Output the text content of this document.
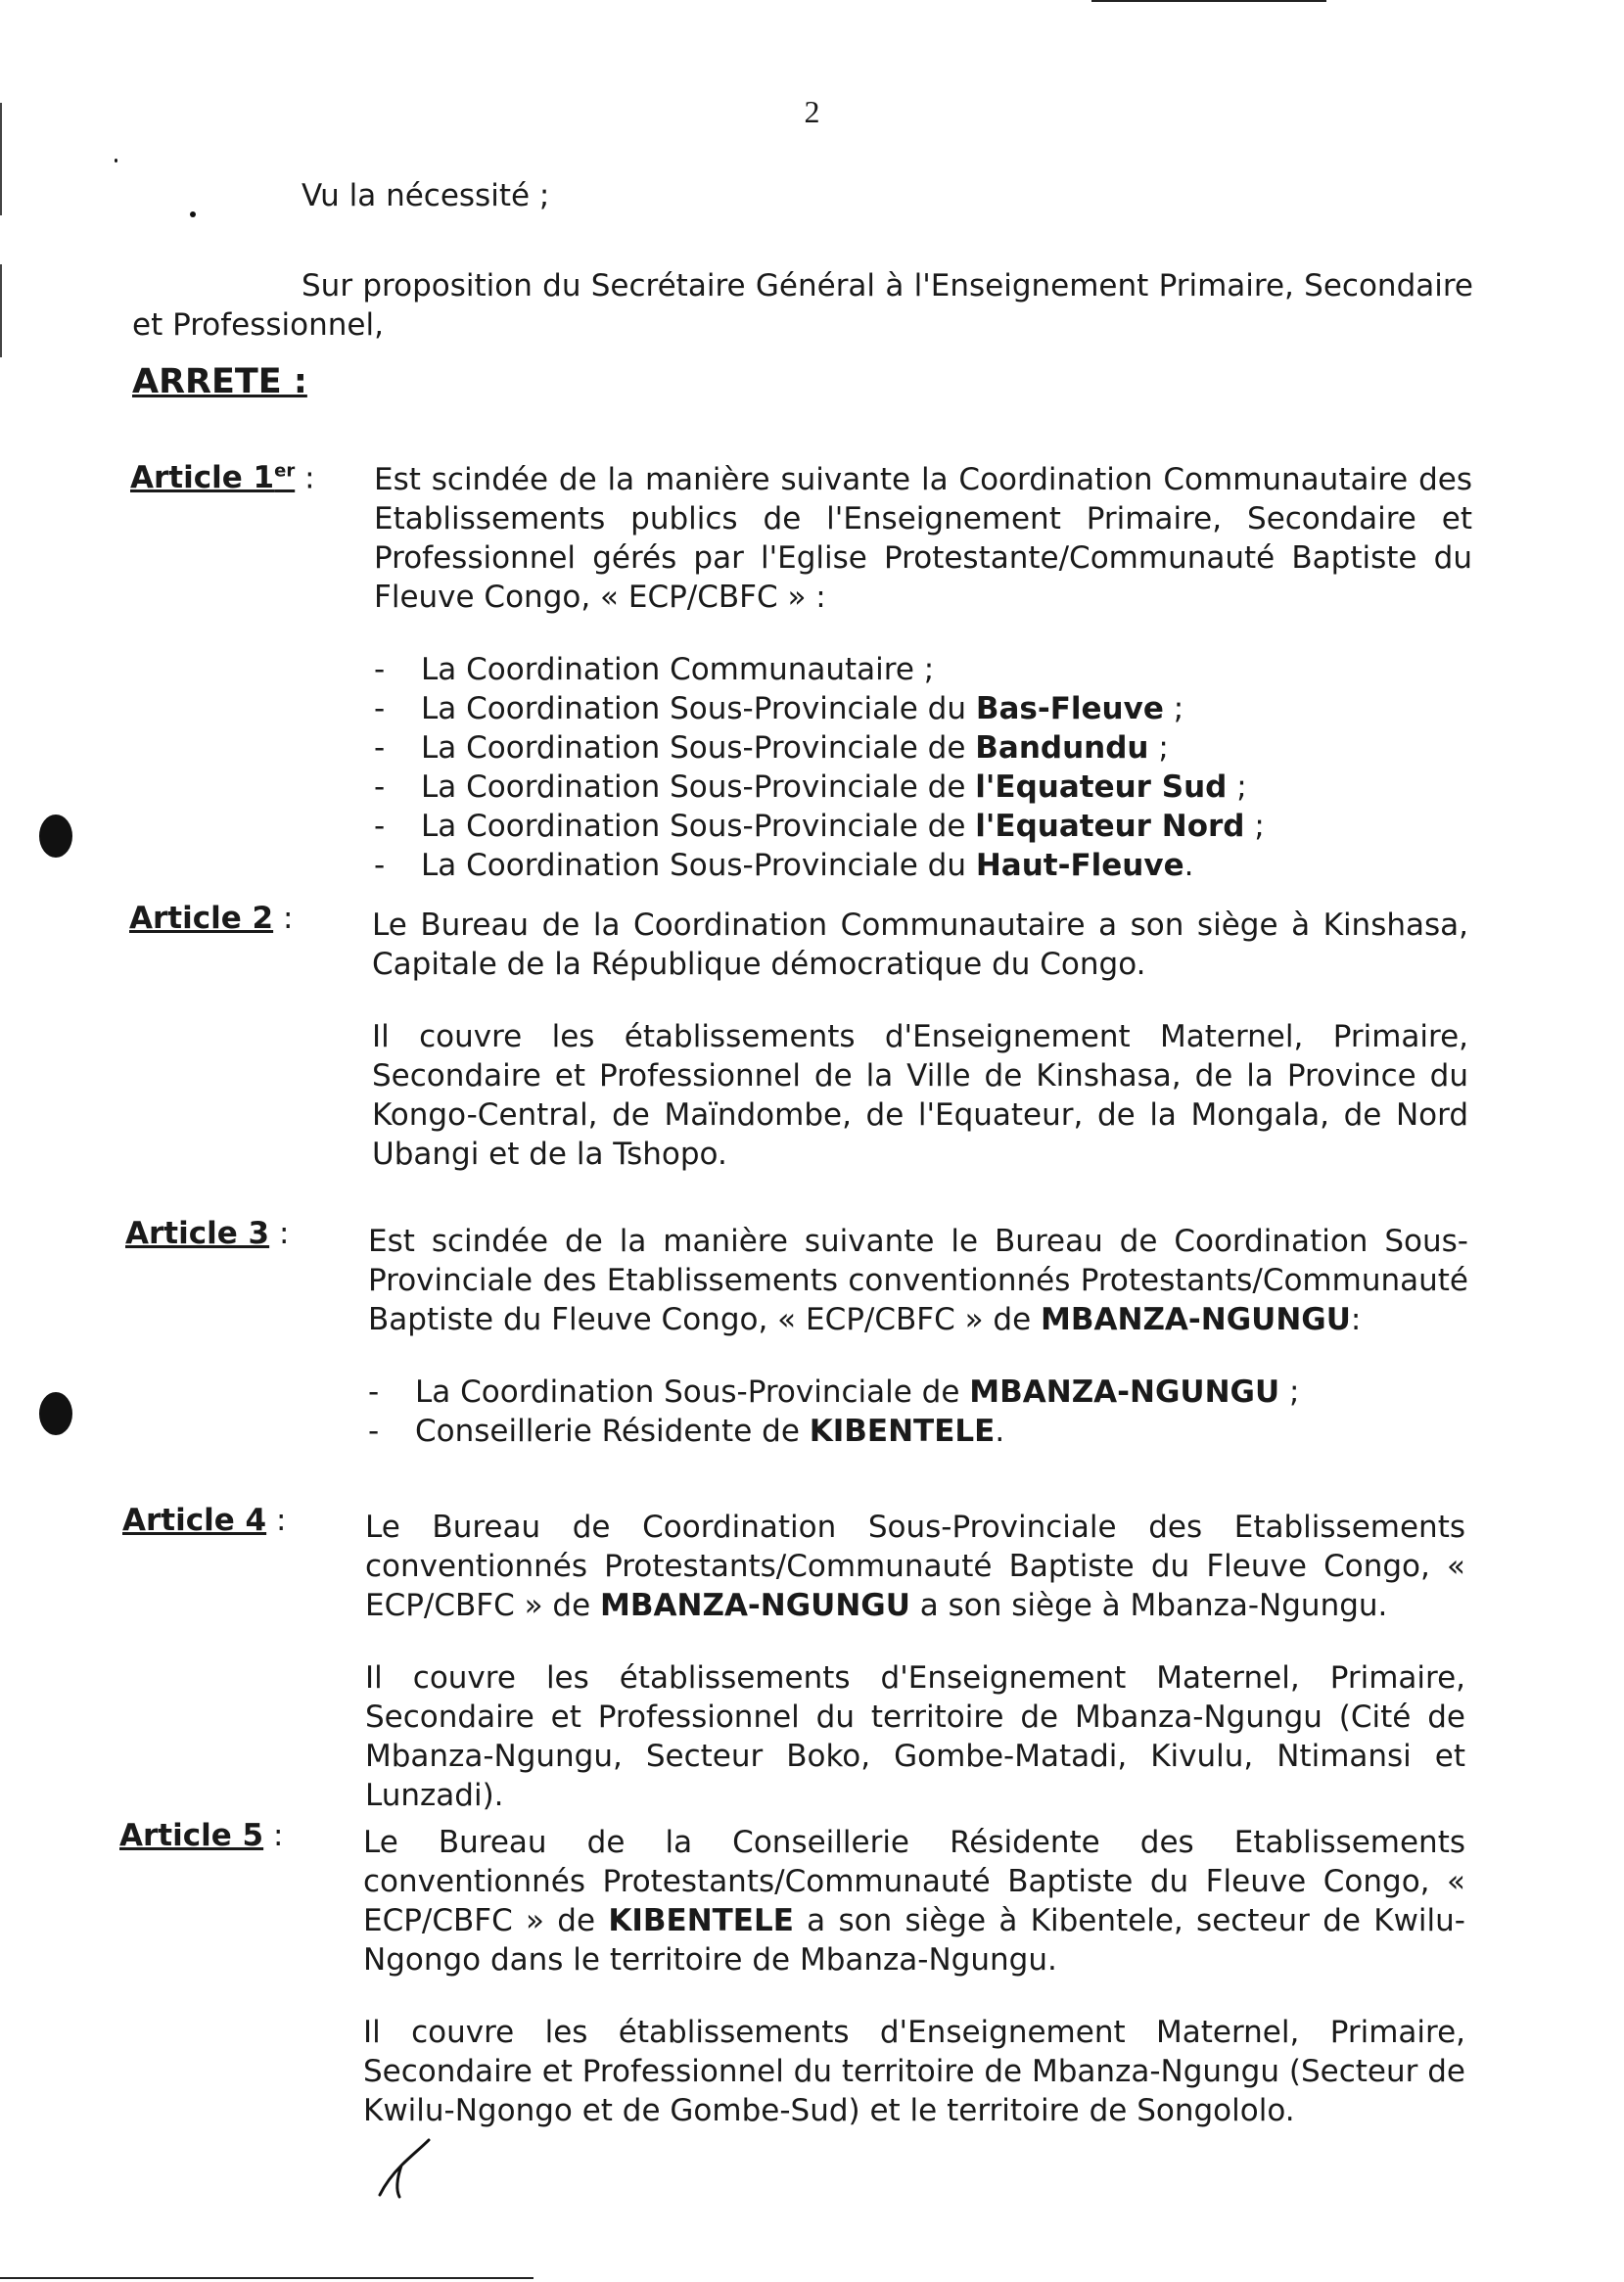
2
Vu la nécessité ;
Sur proposition du Secrétaire Général à l'Enseignement Primaire, Secondaire et Professionnel,
ARRETE :
Article 1er : Est scindée de la manière suivante la Coordination Communautaire des Etablissements publics de l'Enseignement Primaire, Secondaire et Professionnel gérés par l'Eglise Protestante/Communauté Baptiste du Fleuve Congo, « ECP/CBFC » :

- La Coordination Communautaire ;
- La Coordination Sous-Provinciale du Bas-Fleuve ;
- La Coordination Sous-Provinciale de Bandundu ;
- La Coordination Sous-Provinciale de l'Equateur Sud ;
- La Coordination Sous-Provinciale de l'Equateur Nord ;
- La Coordination Sous-Provinciale du Haut-Fleuve.
Article 2 :	Le Bureau de la Coordination Communautaire a son siège à Kinshasa, Capitale de la République démocratique du Congo.

Il couvre les établissements d'Enseignement Maternel, Primaire, Secondaire et Professionnel de la Ville de Kinshasa, de la Province du Kongo-Central, de Maïndombe, de l'Equateur, de la Mongala, de Nord Ubangi et de la Tshopo.

Article 3 :	Est scindée de la manière suivante le Bureau de Coordination Sous-Provinciale des Etablissements conventionnés Protestants/Communauté Baptiste du Fleuve Congo, « ECP/CBFC » de MBANZA-NGUNGU:

- La Coordination Sous-Provinciale de MBANZA-NGUNGU ;
- Conseillerie Résidente de KIBENTELE.
Article 4 :	Le Bureau de Coordination Sous-Provinciale des Etablissements conventionnés Protestants/Communauté Baptiste du Fleuve Congo, « ECP/CBFC » de MBANZA-NGUNGU a son siège à Mbanza-Ngungu.

Il couvre les établissements d'Enseignement Maternel, Primaire, Secondaire et Professionnel du territoire de Mbanza-Ngungu (Cité de Mbanza-Ngungu, Secteur Boko, Gombe-Matadi, Kivulu, Ntimansi et Lunzadi).

Article 5 :	Le Bureau de la Conseillerie Résidente des Etablissements conventionnés Protestants/Communauté Baptiste du Fleuve Congo, « ECP/CBFC » de KIBENTELE a son siège à Kibentele, secteur de Kwilu-Ngongo dans le territoire de Mbanza-Ngungu.

Il couvre les établissements d'Enseignement Maternel, Primaire, Secondaire et Professionnel du territoire de Mbanza-Ngungu (Secteur de Kwilu-Ngongo et de Gombe-Sud) et le territoire de Songololo.
